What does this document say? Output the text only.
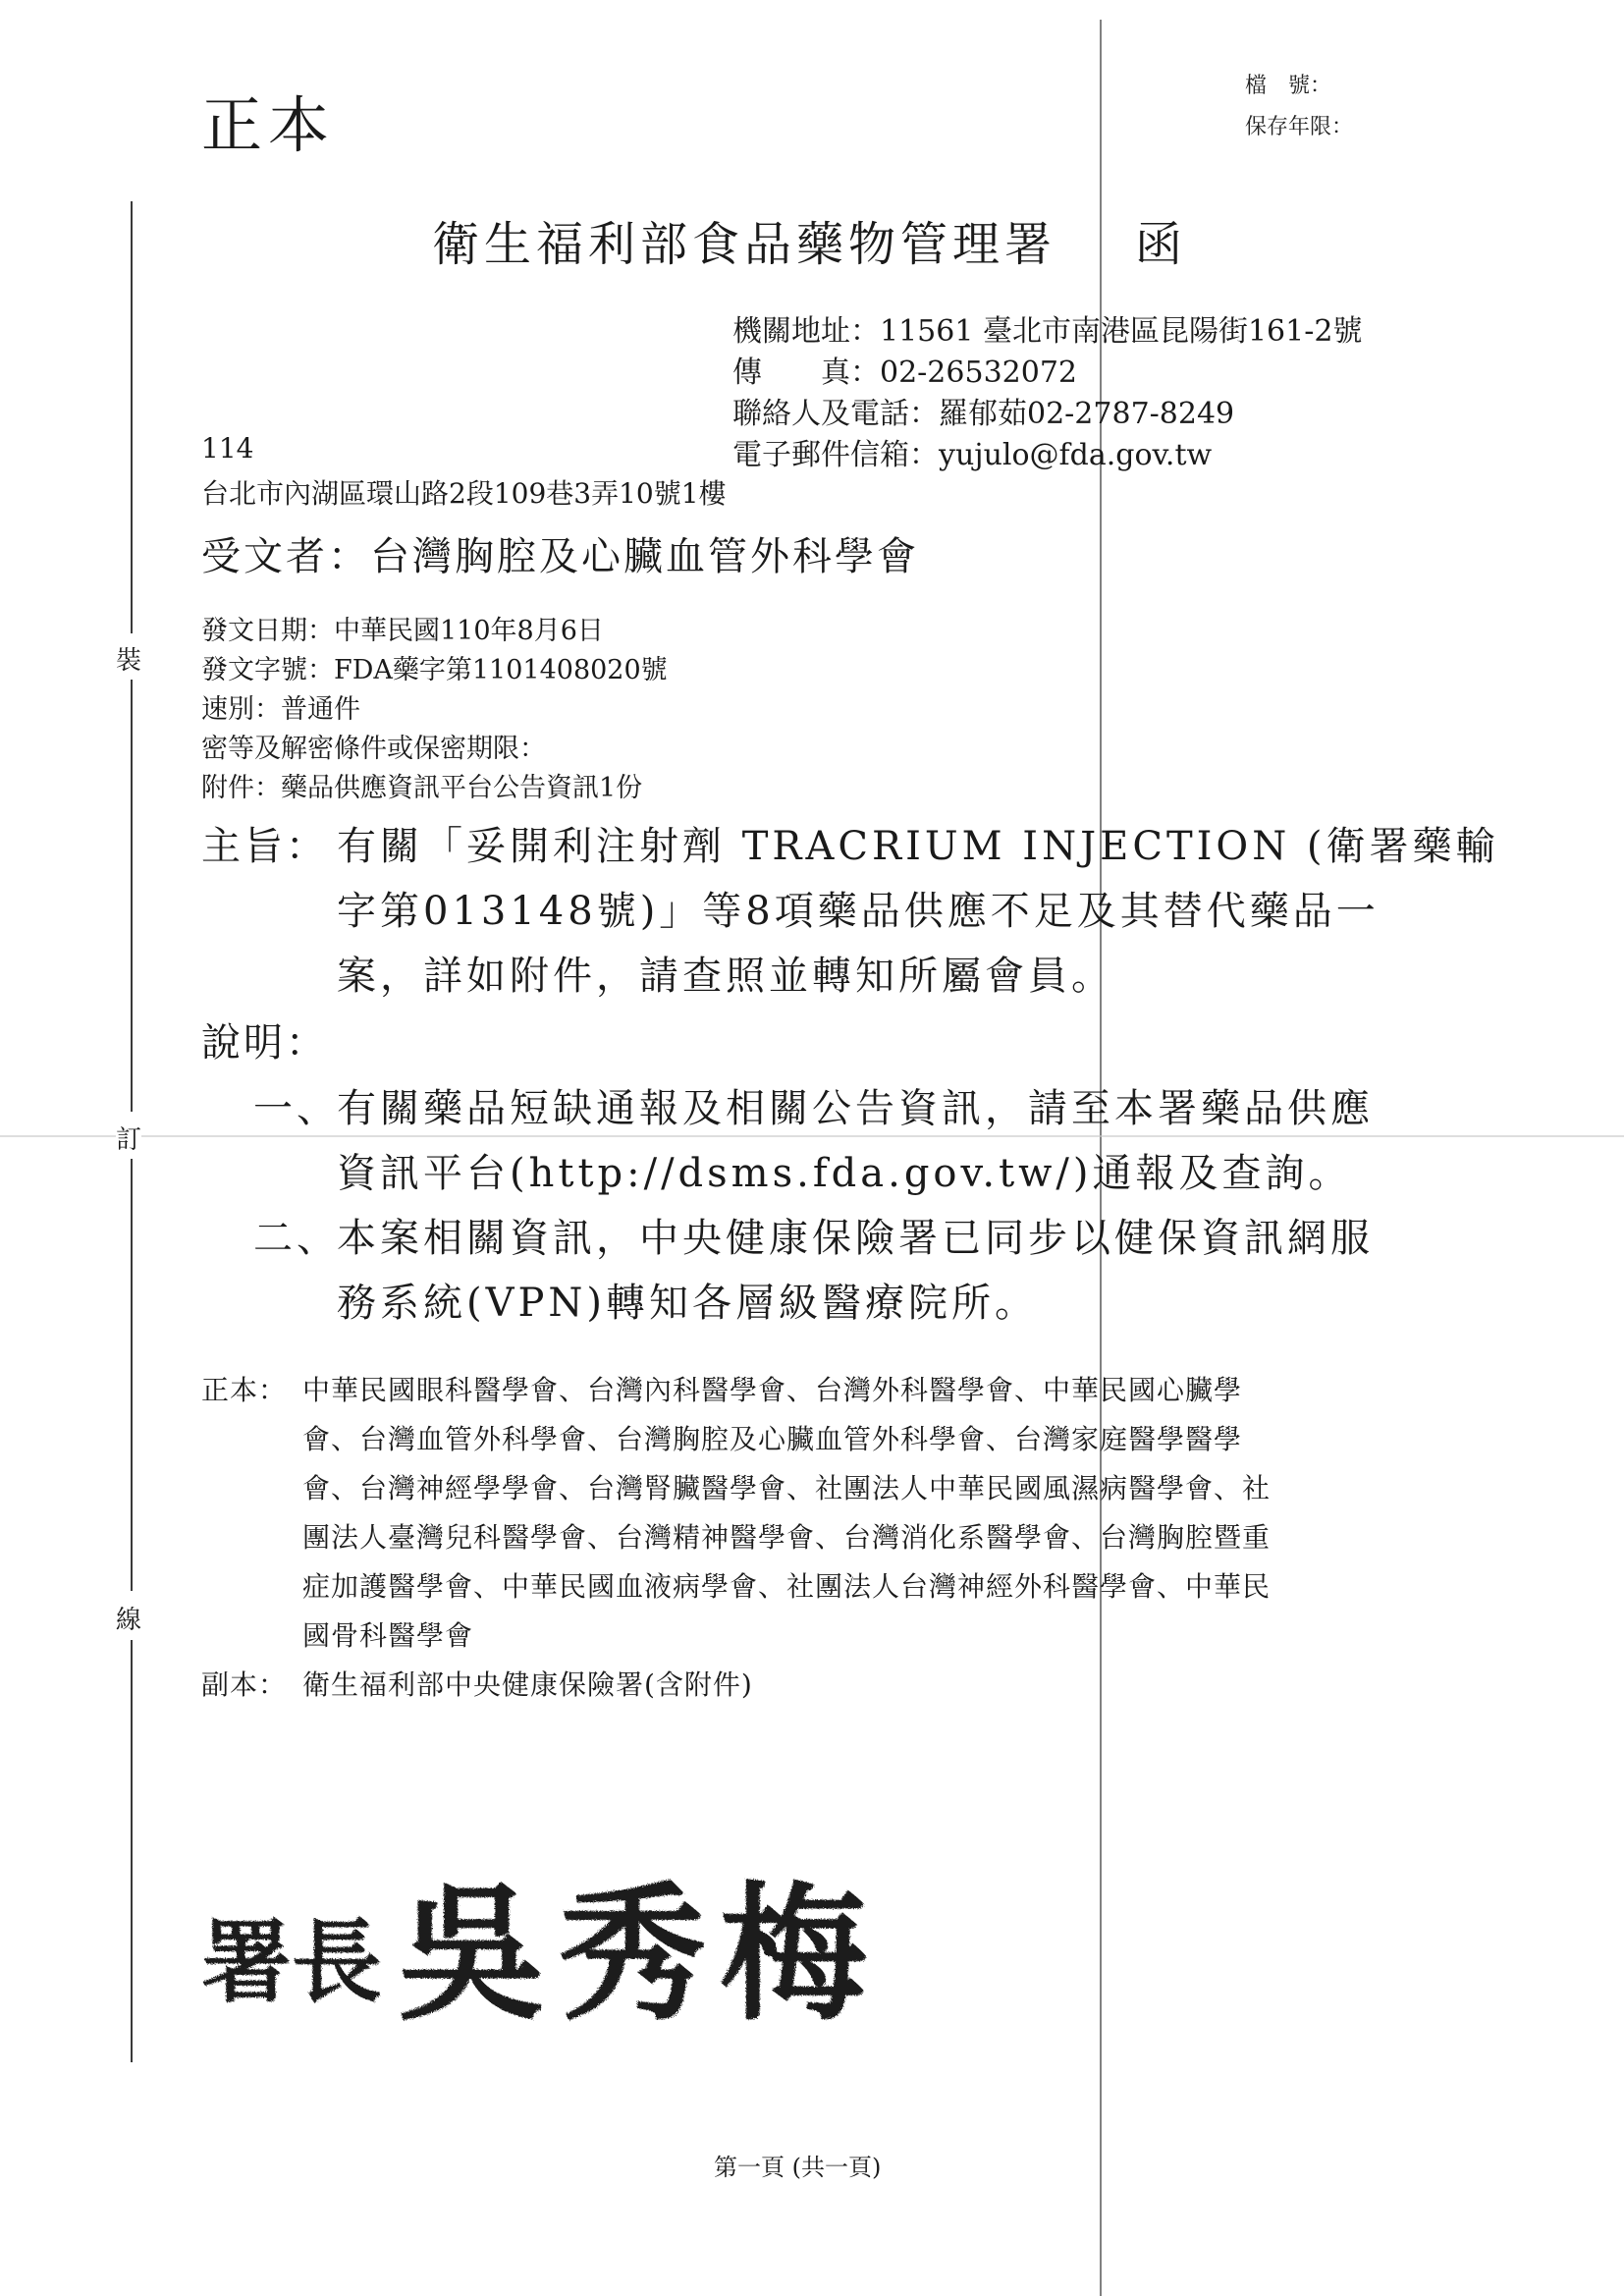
裝
訂
線
正本
檔　號：
保存年限：
衛生福利部食品藥物管理署 函
機關地址：11561 臺北市南港區昆陽街161-2號
傳　　真：02-26532072
聯絡人及電話：羅郁茹02-2787-8249
電子郵件信箱：yujulo@fda.gov.tw
114
台北市內湖區環山路2段109巷3弄10號1樓
受文者：台灣胸腔及心臟血管外科學會
發文日期：中華民國110年8月6日
發文字號：FDA藥字第1101408020號
速別：普通件
密等及解密條件或保密期限：
附件：藥品供應資訊平台公告資訊1份
主旨： 有關「妥開利注射劑 TRACRIUM INJECTION (衛署藥輸
字第013148號)」等8項藥品供應不足及其替代藥品一
案，詳如附件，請查照並轉知所屬會員。
說明：
一、
有關藥品短缺通報及相關公告資訊，請至本署藥品供應
資訊平台(http://dsms.fda.gov.tw/)通報及查詢。
二、
本案相關資訊，中央健康保險署已同步以健保資訊網服
務系統(VPN)轉知各層級醫療院所。
正本： 中華民國眼科醫學會、台灣內科醫學會、台灣外科醫學會、中華民國心臟學
會、台灣血管外科學會、台灣胸腔及心臟血管外科學會、台灣家庭醫學醫學
會、台灣神經學學會、台灣腎臟醫學會、社團法人中華民國風濕病醫學會、社
團法人臺灣兒科醫學會、台灣精神醫學會、台灣消化系醫學會、台灣胸腔暨重
症加護醫學會、中華民國血液病學會、社團法人台灣神經外科醫學會、中華民
國骨科醫學會
副本： 衛生福利部中央健康保險署(含附件)
署長 吳秀梅
第一頁 (共一頁)
